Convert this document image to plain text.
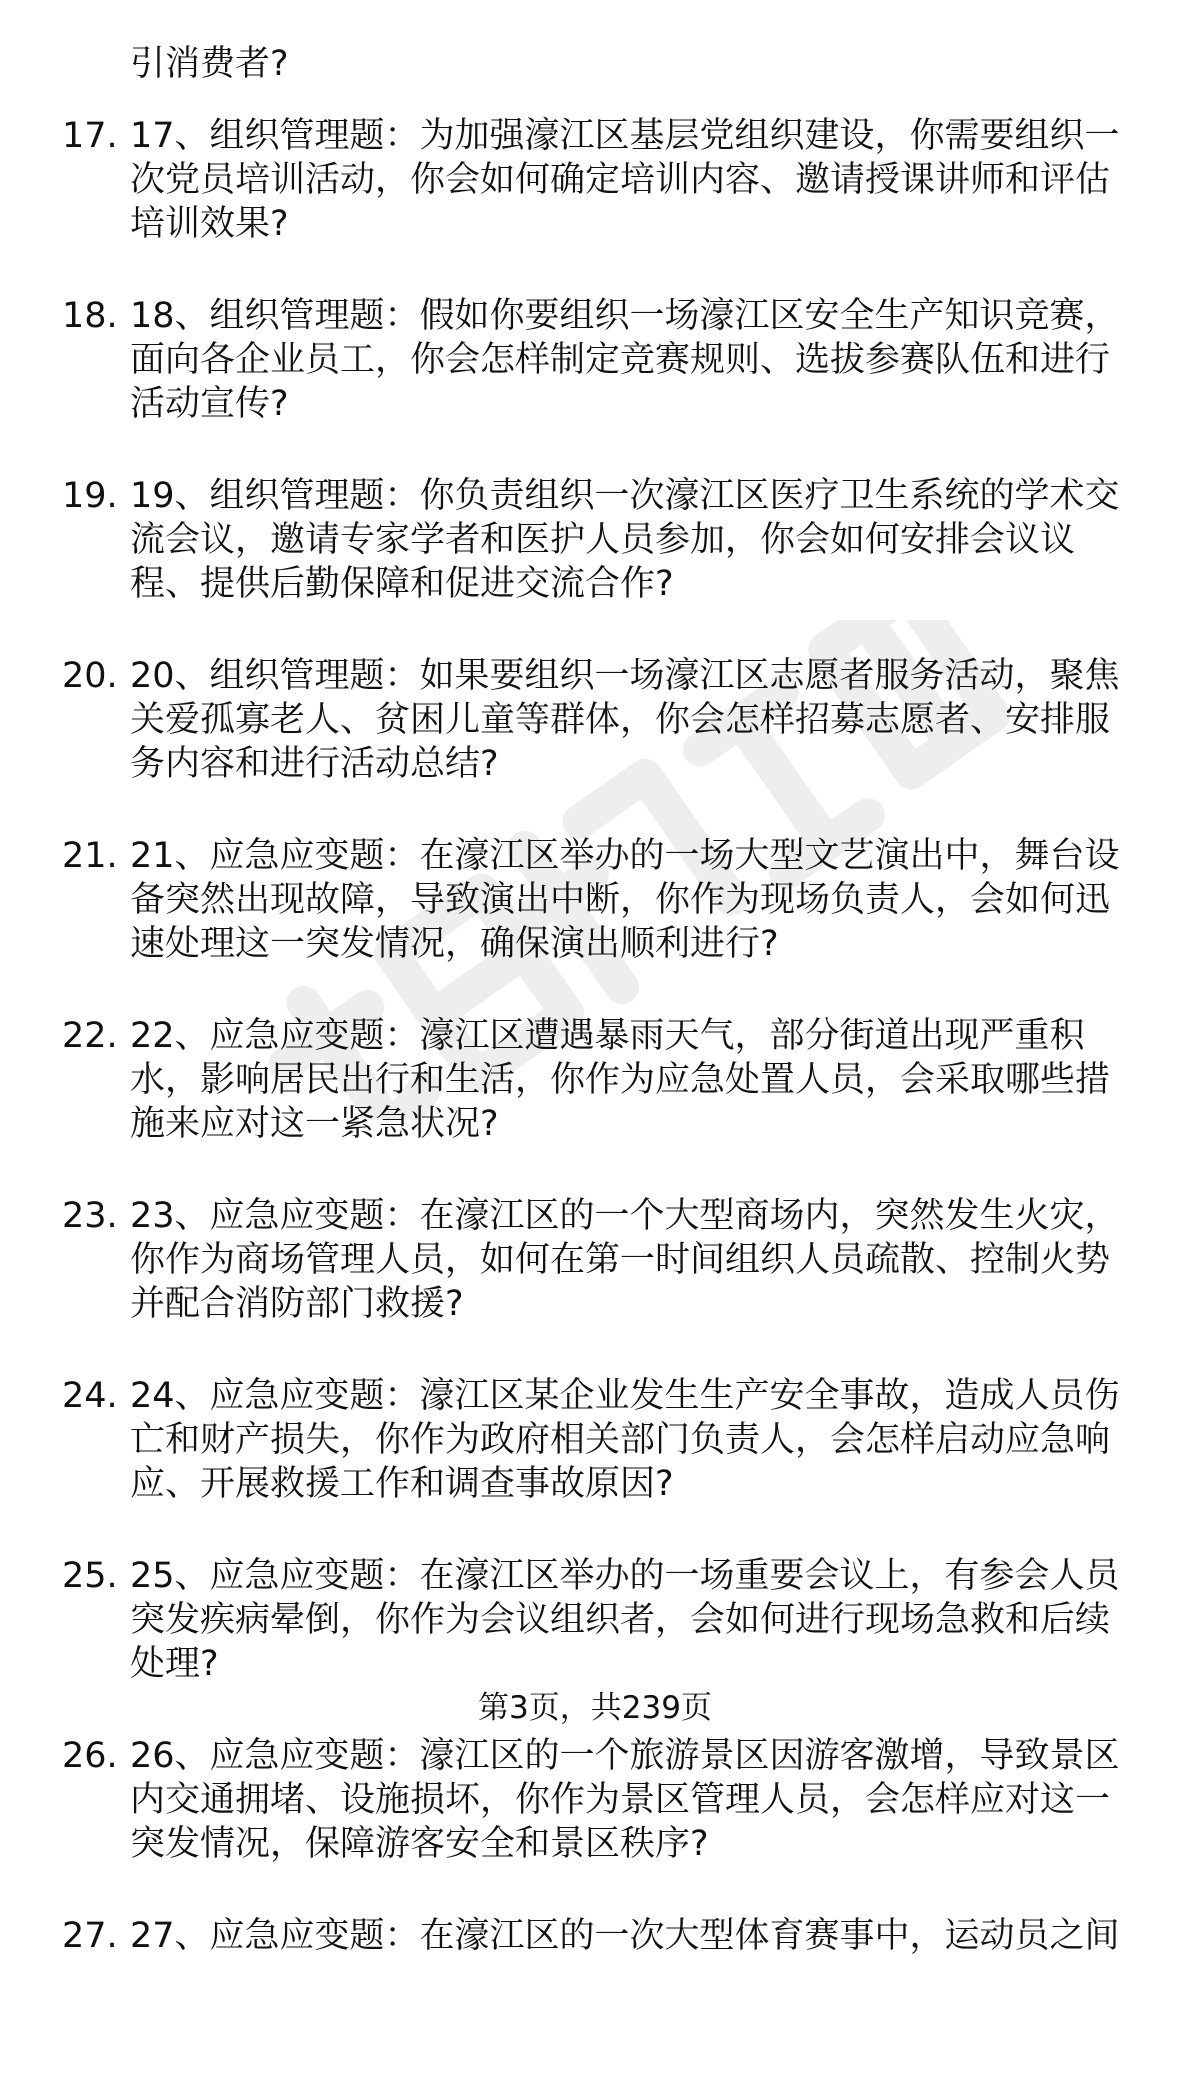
引消费者?
17. 17、组织管理题：为加强濠江区基层党组织建设，你需要组织一
次党员培训活动，你会如何确定培训内容、邀请授课讲师和评估
培训效果?
18. 18、组织管理题：假如你要组织一场濠江区安全生产知识竞赛，
面向各企业员工，你会怎样制定竞赛规则、选拔参赛队伍和进行
活动宣传?
19. 19、组织管理题：你负责组织一次濠江区医疗卫生系统的学术交
流会议，邀请专家学者和医护人员参加，你会如何安排会议议
程、提供后勤保障和促进交流合作?
20. 20、组织管理题：如果要组织一场濠江区志愿者服务活动，聚焦
关爱孤寡老人、贫困儿童等群体，你会怎样招募志愿者、安排服
务内容和进行活动总结?
21. 21、应急应变题：在濠江区举办的一场大型文艺演出中，舞台设
备突然出现故障，导致演出中断，你作为现场负责人，会如何迅
速处理这一突发情况，确保演出顺利进行?
22. 22、应急应变题：濠江区遭遇暴雨天气，部分街道出现严重积
水，影响居民出行和生活，你作为应急处置人员，会采取哪些措
施来应对这一紧急状况?
23. 23、应急应变题：在濠江区的一个大型商场内，突然发生火灾，
你作为商场管理人员，如何在第一时间组织人员疏散、控制火势
并配合消防部门救援?
24. 24、应急应变题：濠江区某企业发生生产安全事故，造成人员伤
亡和财产损失，你作为政府相关部门负责人，会怎样启动应急响
应、开展救援工作和调查事故原因?
25. 25、应急应变题：在濠江区举办的一场重要会议上，有参会人员
突发疾病晕倒，你作为会议组织者，会如何进行现场急救和后续
处理?
26. 26、应急应变题：濠江区的一个旅游景区因游客激增，导致景区
内交通拥堵、设施损坏，你作为景区管理人员，会怎样应对这一
突发情况，保障游客安全和景区秩序?
27. 27、应急应变题：在濠江区的一次大型体育赛事中，运动员之间
第3页，共239页
